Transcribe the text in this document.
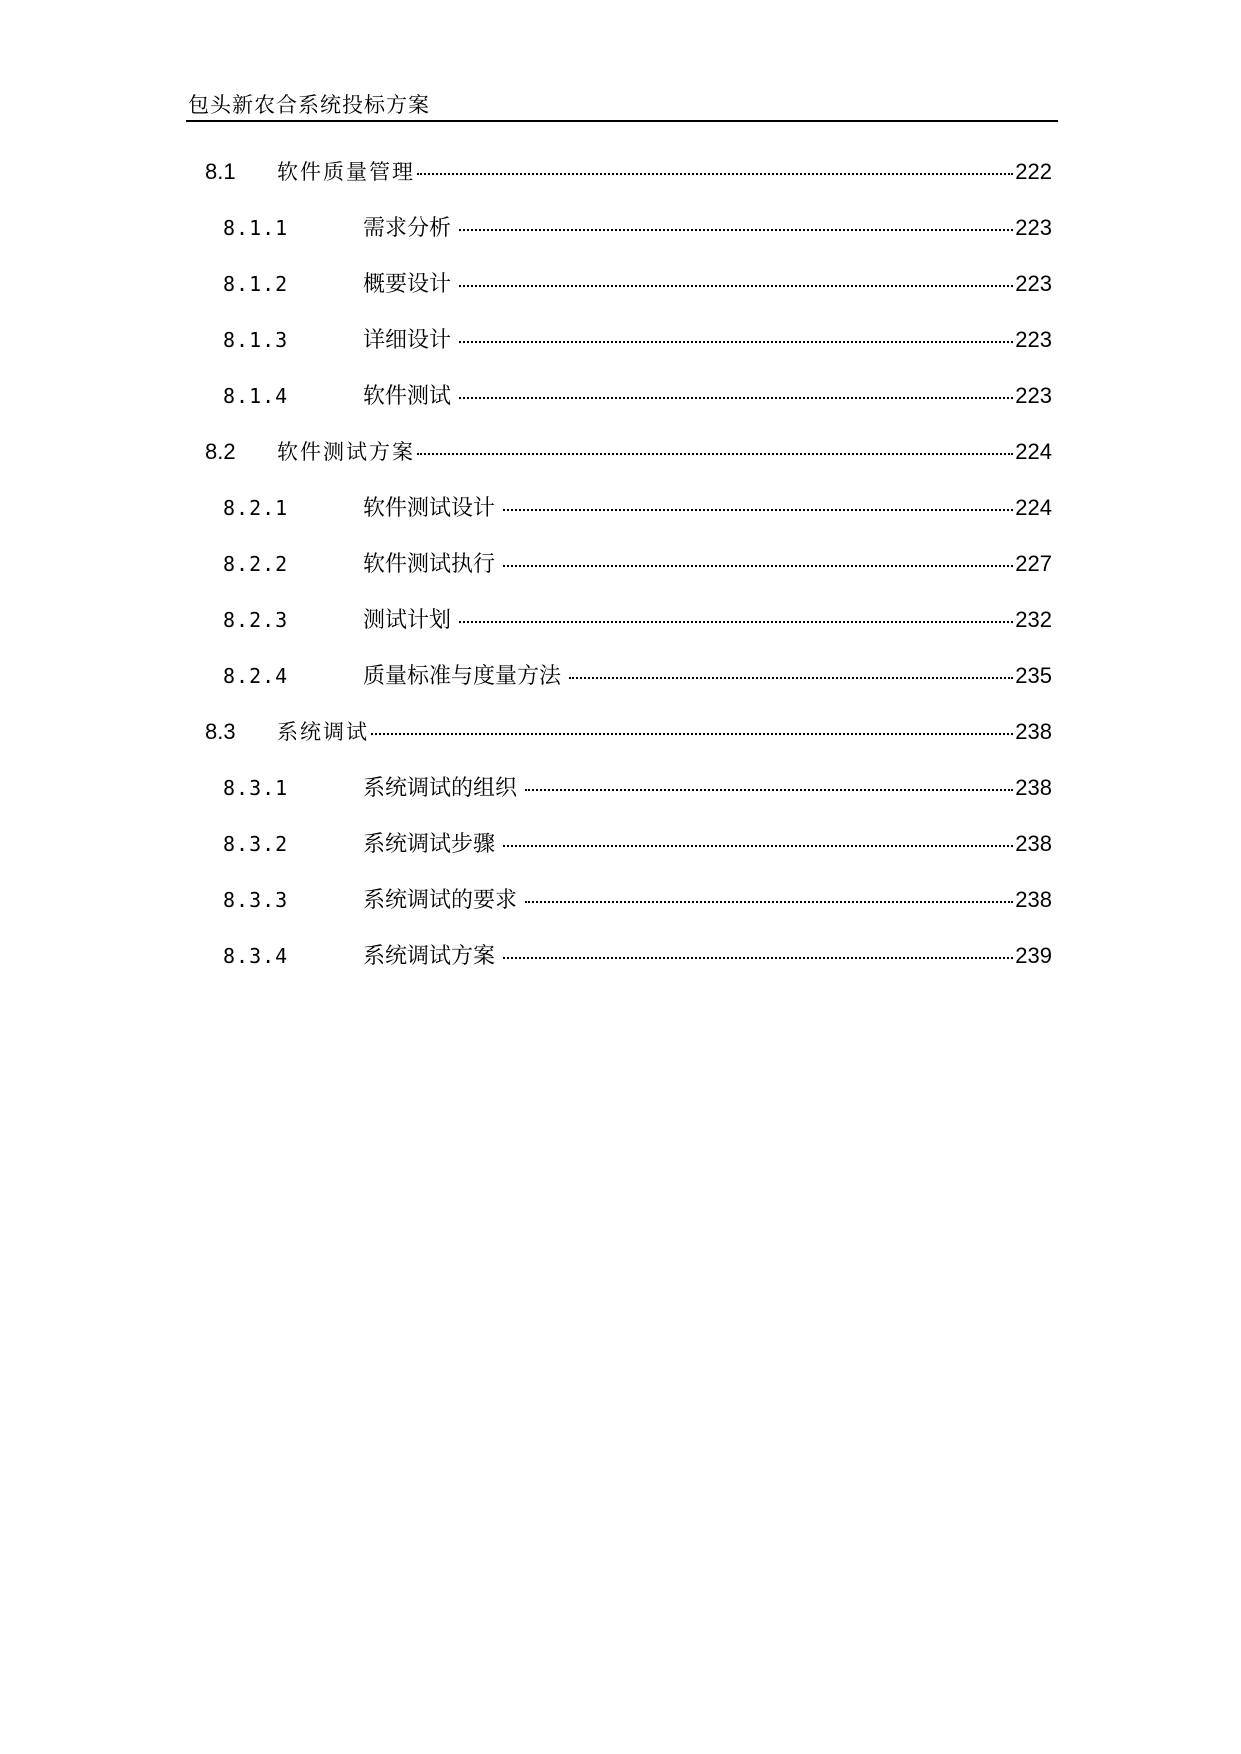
包头新农合系统投标方案
8.1	软件质量管理	222
8.1.1	需求分析	223
8.1.2	概要设计	223
8.1.3	详细设计	223
8.1.4	软件测试	223
8.2	软件测试方案	224
8.2.1	软件测试设计	224
8.2.2	软件测试执行	227
8.2.3	测试计划	232
8.2.4	质量标准与度量方法	235
8.3	系统调试	238
8.3.1	系统调试的组织	238
8.3.2	系统调试步骤	238
8.3.3	系统调试的要求	238
8.3.4	系统调试方案	239
